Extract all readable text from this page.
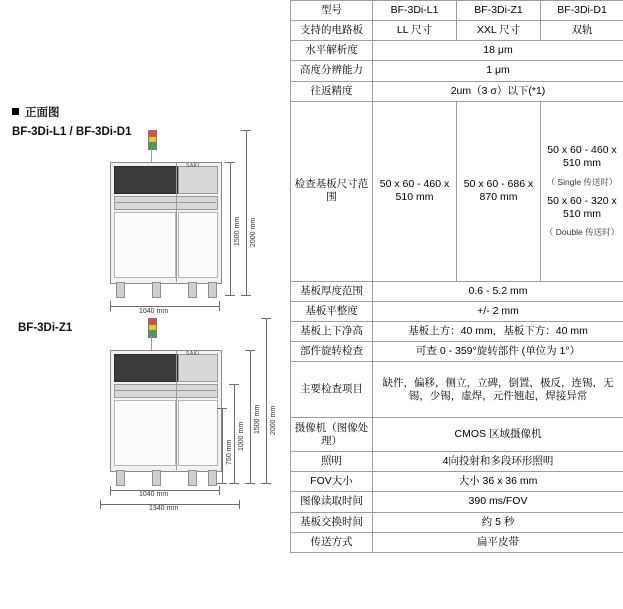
正面图
BF-3Di-L1 / BF-3Di-D1
SAKI
2000 mm
1500 mm
1040 mm
BF-3Di-Z1
SAKI
2000 mm
1500 mm
1000 mm
750 mm
1040 mm
1340 mm
型号	BF-3Di-L1	BF-3Di-Z1	BF-3Di-D1
支持的电路板	LL 尺寸	XXL 尺寸	双轨
水平解析度	18 μm		
高度分辨能力	1 μm		
往返精度	2um（3 σ）以下(*1)		
检查基板尺寸范围	50 x 60 - 460 x 510 mm	50 x 60 - 686 x 870 mm	50 x 60 - 460 x 510 mm
（ Single 传送时）
50 x 60 - 320 x 510 mm
（ Double 传送时）

基板厚度范围	0.6 - 5.2 mm		
基板平整度	+/- 2 mm		
基板上下净高	基板上方：40 mm，基板下方：40 mm		
部件旋转检查	可查 0 - 359°旋转部件 (单位为 1°）		
主要检查项目	缺件，偏移，侧立，立碑，倒置，极反，连锡，无锡，少锡，虚焊，元件翘起，焊接异常		
摄像机（图像处理）	CMOS 区域摄像机		
照明	4向投射和多段环形照明		
FOV大小	大小 36 x 36 mm		
图像读取时间	390 ms/FOV		
基板交换时间	约 5 秒		
传送方式	扁平皮带		
